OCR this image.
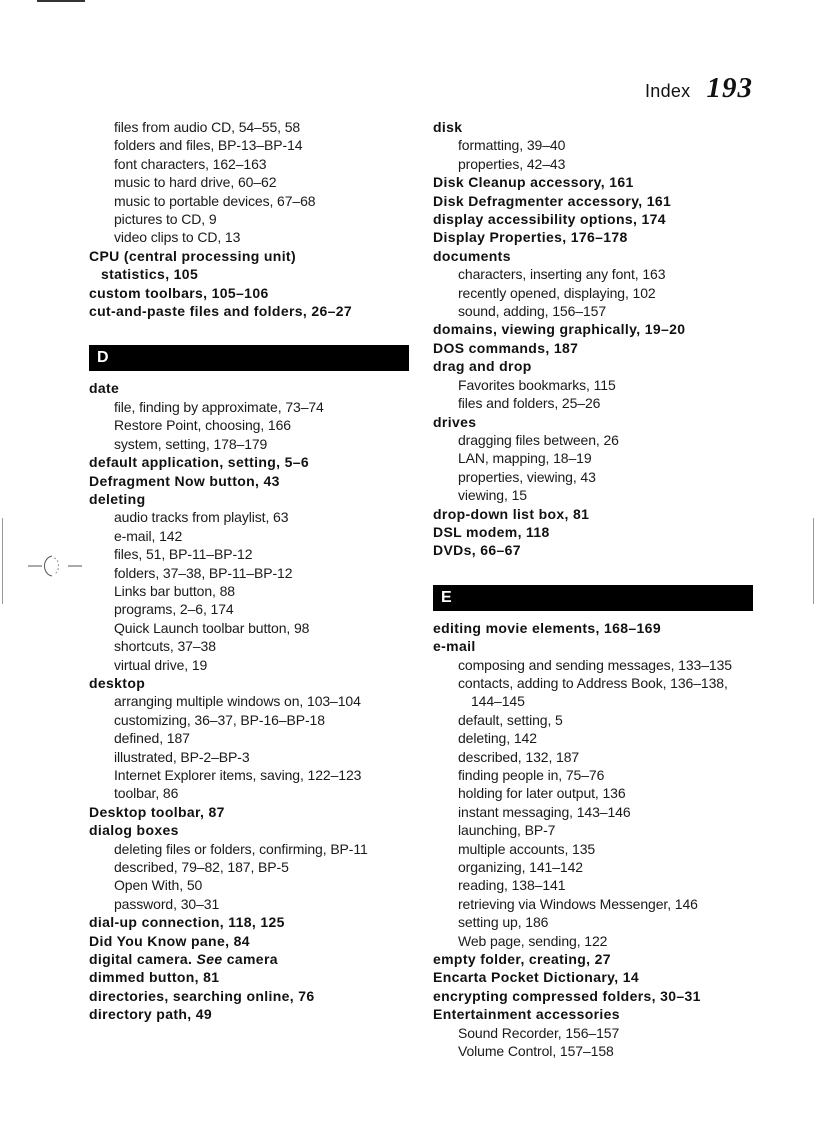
Index 193
files from audio CD, 54–55, 58
folders and files, BP-13–BP-14
font characters, 162–163
music to hard drive, 60–62
music to portable devices, 67–68
pictures to CD, 9
video clips to CD, 13
CPU (central processing unit)
statistics, 105
custom toolbars, 105–106
cut-and-paste files and folders, 26–27
D
date
file, finding by approximate, 73–74
Restore Point, choosing, 166
system, setting, 178–179
default application, setting, 5–6
Defragment Now button, 43
deleting
audio tracks from playlist, 63
e-mail, 142
files, 51, BP-11–BP-12
folders, 37–38, BP-11–BP-12
Links bar button, 88
programs, 2–6, 174
Quick Launch toolbar button, 98
shortcuts, 37–38
virtual drive, 19
desktop
arranging multiple windows on, 103–104
customizing, 36–37, BP-16–BP-18
defined, 187
illustrated, BP-2–BP-3
Internet Explorer items, saving, 122–123
toolbar, 86
Desktop toolbar, 87
dialog boxes
deleting files or folders, confirming, BP-11
described, 79–82, 187, BP-5
Open With, 50
password, 30–31
dial-up connection, 118, 125
Did You Know pane, 84
digital camera. See camera
dimmed button, 81
directories, searching online, 76
directory path, 49
disk
formatting, 39–40
properties, 42–43
Disk Cleanup accessory, 161
Disk Defragmenter accessory, 161
display accessibility options, 174
Display Properties, 176–178
documents
characters, inserting any font, 163
recently opened, displaying, 102
sound, adding, 156–157
domains, viewing graphically, 19–20
DOS commands, 187
drag and drop
Favorites bookmarks, 115
files and folders, 25–26
drives
dragging files between, 26
LAN, mapping, 18–19
properties, viewing, 43
viewing, 15
drop-down list box, 81
DSL modem, 118
DVDs, 66–67
E
editing movie elements, 168–169
e-mail
composing and sending messages, 133–135
contacts, adding to Address Book, 136–138,
144–145
default, setting, 5
deleting, 142
described, 132, 187
finding people in, 75–76
holding for later output, 136
instant messaging, 143–146
launching, BP-7
multiple accounts, 135
organizing, 141–142
reading, 138–141
retrieving via Windows Messenger, 146
setting up, 186
Web page, sending, 122
empty folder, creating, 27
Encarta Pocket Dictionary, 14
encrypting compressed folders, 30–31
Entertainment accessories
Sound Recorder, 156–157
Volume Control, 157–158
